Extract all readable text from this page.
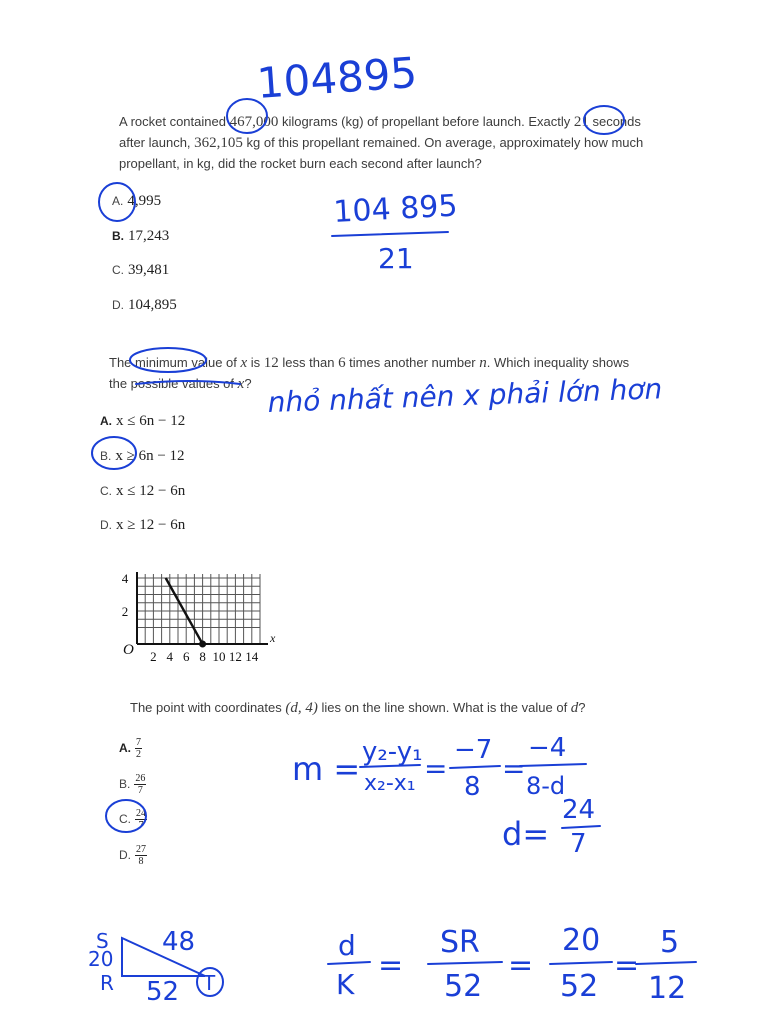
A rocket contained 467,000 kilograms (kg) of propellant before launch. Exactly 21 seconds
after launch, 362,105 kg of this propellant remained. On average, approximately how much
propellant, in kg, did the rocket burn each second after launch?
A. 4,995
B. 17,243
C. 39,481
D. 104,895
The minimum value of x is 12 less than 6 times another number n. Which inequality shows
the possible values of x?
A. x ≤ 6n − 12
B. x ≥ 6n − 12
C. x ≤ 12 − 6n
D. x ≥ 12 − 6n
x
O 2 4 6 8 10 12 14
4
2
The point with coordinates (d, 4) lies on the line shown. What is the value of d?
A. $\frac{7}{2}$
B. $\frac{26}{7}$
C. $\frac{24}{7}$
D. $\frac{27}{8}$
104895
104 895
21
nhỏ nhất nên x phải lớn hơn
m = y₂-y₁
x₂-x₁ =
−7
8
=
−4
8-d
d=
24
7
S
20
48
R 52 T
d
K
=
SR
52
=
20
52
=
5
12
